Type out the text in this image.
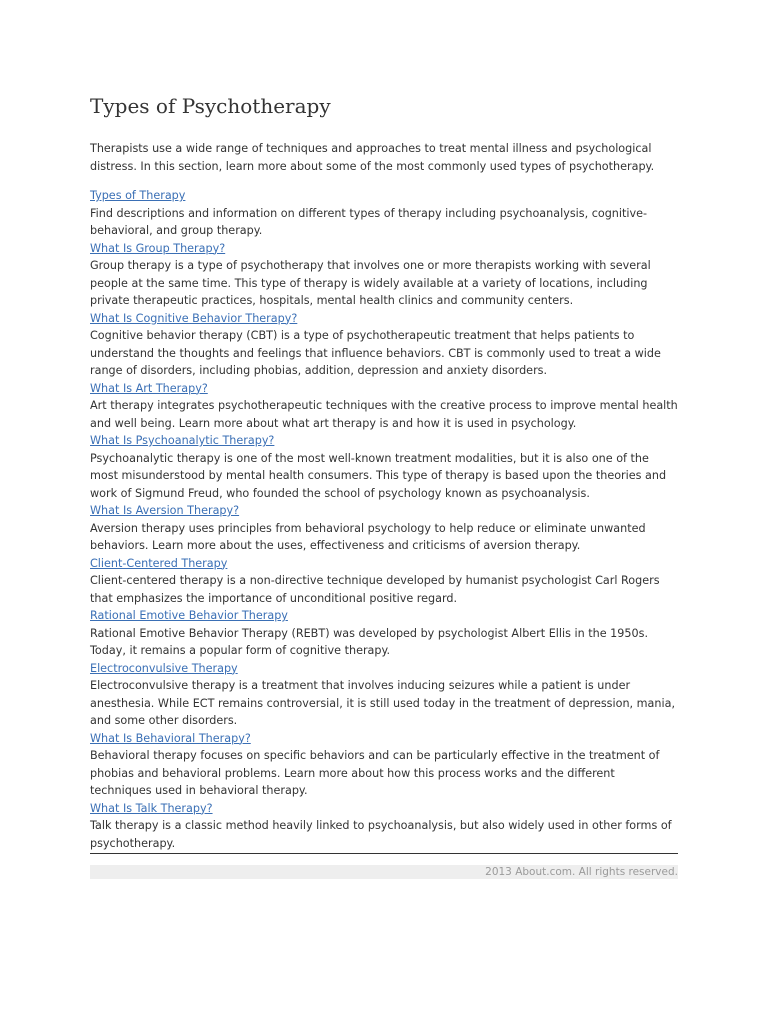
Types of Psychotherapy

Therapists use a wide range of techniques and approaches to treat mental illness and psychological distress. In this section, learn more about some of the most commonly used types of psychotherapy.

Types of Therapy
Find descriptions and information on different types of therapy including psychoanalysis, cognitive-behavioral, and group therapy.
What Is Group Therapy?
Group therapy is a type of psychotherapy that involves one or more therapists working with several people at the same time. This type of therapy is widely available at a variety of locations, including private therapeutic practices, hospitals, mental health clinics and community centers.
What Is Cognitive Behavior Therapy?
Cognitive behavior therapy (CBT) is a type of psychotherapeutic treatment that helps patients to understand the thoughts and feelings that influence behaviors. CBT is commonly used to treat a wide range of disorders, including phobias, addition, depression and anxiety disorders.
What Is Art Therapy?
Art therapy integrates psychotherapeutic techniques with the creative process to improve mental health and well being. Learn more about what art therapy is and how it is used in psychology.
What Is Psychoanalytic Therapy?
Psychoanalytic therapy is one of the most well-known treatment modalities, but it is also one of the most misunderstood by mental health consumers. This type of therapy is based upon the theories and work of Sigmund Freud, who founded the school of psychology known as psychoanalysis.
What Is Aversion Therapy?
Aversion therapy uses principles from behavioral psychology to help reduce or eliminate unwanted behaviors. Learn more about the uses, effectiveness and criticisms of aversion therapy.
Client-Centered Therapy
Client-centered therapy is a non-directive technique developed by humanist psychologist Carl Rogers that emphasizes the importance of unconditional positive regard.
Rational Emotive Behavior Therapy
Rational Emotive Behavior Therapy (REBT) was developed by psychologist Albert Ellis in the 1950s. Today, it remains a popular form of cognitive therapy.
Electroconvulsive Therapy
Electroconvulsive therapy is a treatment that involves inducing seizures while a patient is under anesthesia. While ECT remains controversial, it is still used today in the treatment of depression, mania, and some other disorders.
What Is Behavioral Therapy?
Behavioral therapy focuses on specific behaviors and can be particularly effective in the treatment of phobias and behavioral problems. Learn more about how this process works and the different techniques used in behavioral therapy.
What Is Talk Therapy?
Talk therapy is a classic method heavily linked to psychoanalysis, but also widely used in other forms of psychotherapy.
2013 About.com. All rights reserved.
